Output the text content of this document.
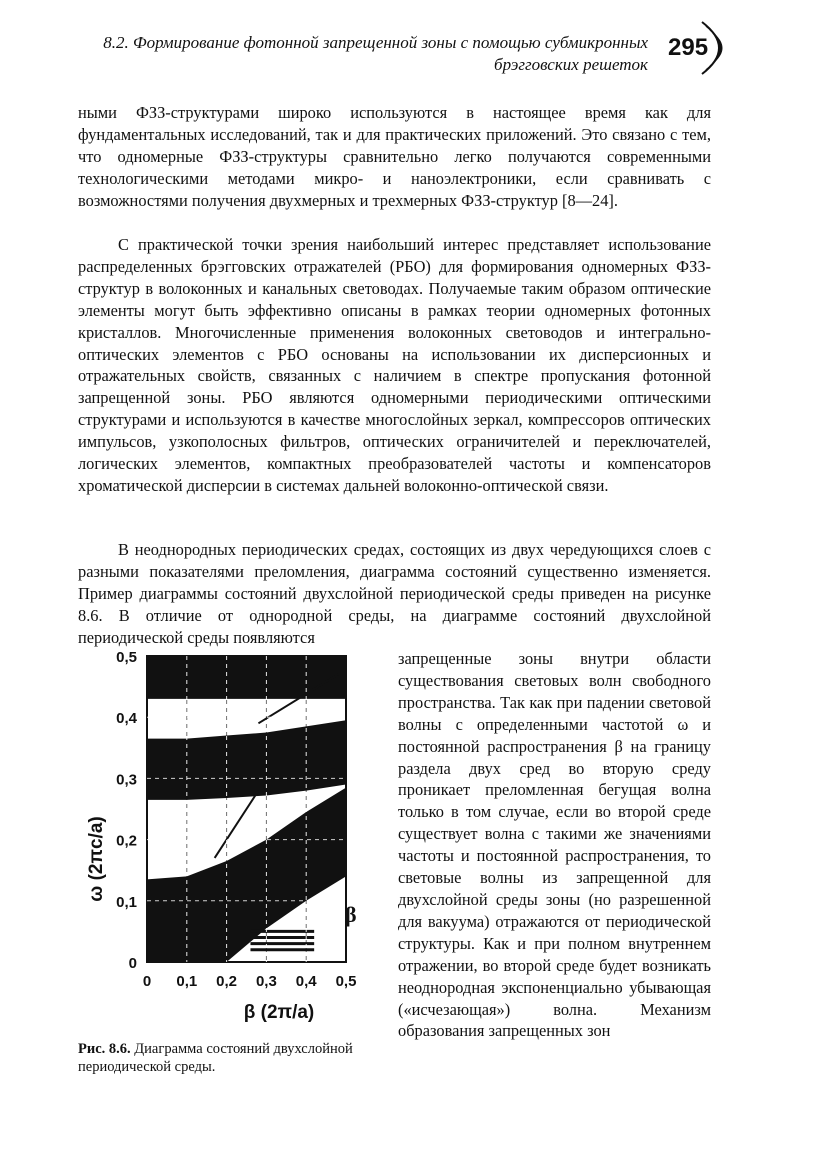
8.2. Формирование фотонной запрещенной зоны с помощью субмикронных
брэгговских решеток
295

ными ФЗЗ-структурами широко используются в настоящее время как для фундаментальных исследований, так и для практических приложений. Это связано с тем, что одномерные ФЗЗ-структуры сравнительно легко получаются современными технологическими методами микро- и наноэлектроники, если сравнивать с возможностями получения двухмерных и трехмерных ФЗЗ-структур [8—24].

С практической точки зрения наибольший интерес представляет использование распределенных брэгговских отражателей (РБО) для формирования одномерных ФЗЗ-структур в волоконных и канальных световодах. Получаемые таким образом оптические элементы могут быть эффективно описаны в рамках теории одномерных фотонных кристаллов. Многочисленные применения волоконных световодов и интегрально-оптических элементов с РБО основаны на использовании их дисперсионных и отражательных свойств, связанных с наличием в спектре пропускания фотонной запрещенной зоны. РБО являются одномерными периодическими оптическими структурами и используются в качестве многослойных зеркал, компрессоров оптических импульсов, узкополосных фильтров, оптических ограничителей и переключателей, логических элементов, компактных преобразователей частоты и компенсаторов хроматической дисперсии в системах дальней волоконно-оптической связи.

В неоднородных периодических средах, состоящих из двух чередующихся слоев с разными показателями преломления, диаграмма состояний существенно изменяется. Пример диаграммы состояний двухслойной периодической среды приведен на рисунке 8.6. В отличие от однородной среды, на диаграмме состояний двухслойной периодической среды появляются

запрещенные зоны внутри области существования световых волн свободного пространства. Так как при падении световой волны с определенными частотой ω и постоянной распространения β на границу раздела двух сред во вторую среду проникает преломленная бегущая волна только в том случае, если во второй среде существует волна с такими же значениями частоты и постоянной распространения, то световые волны из запрещенной для двухслойной среды зоны (но разрешенной для вакуума) отражаются от периодической структуры. Как и при полном внутреннем отражении, во второй среде будет возникать неоднородная экспоненциально убывающая («исчезающая») волна. Механизм образования запрещенных зон

0 0,1 0,2 0,3 0,4 0,5
0
0,1
0,2
0,3
0,4
0,5
β (2π/a)
ω (2πc/a)
β
Рис. 8.6. Диаграмма состояний двухслойной периодической среды.
